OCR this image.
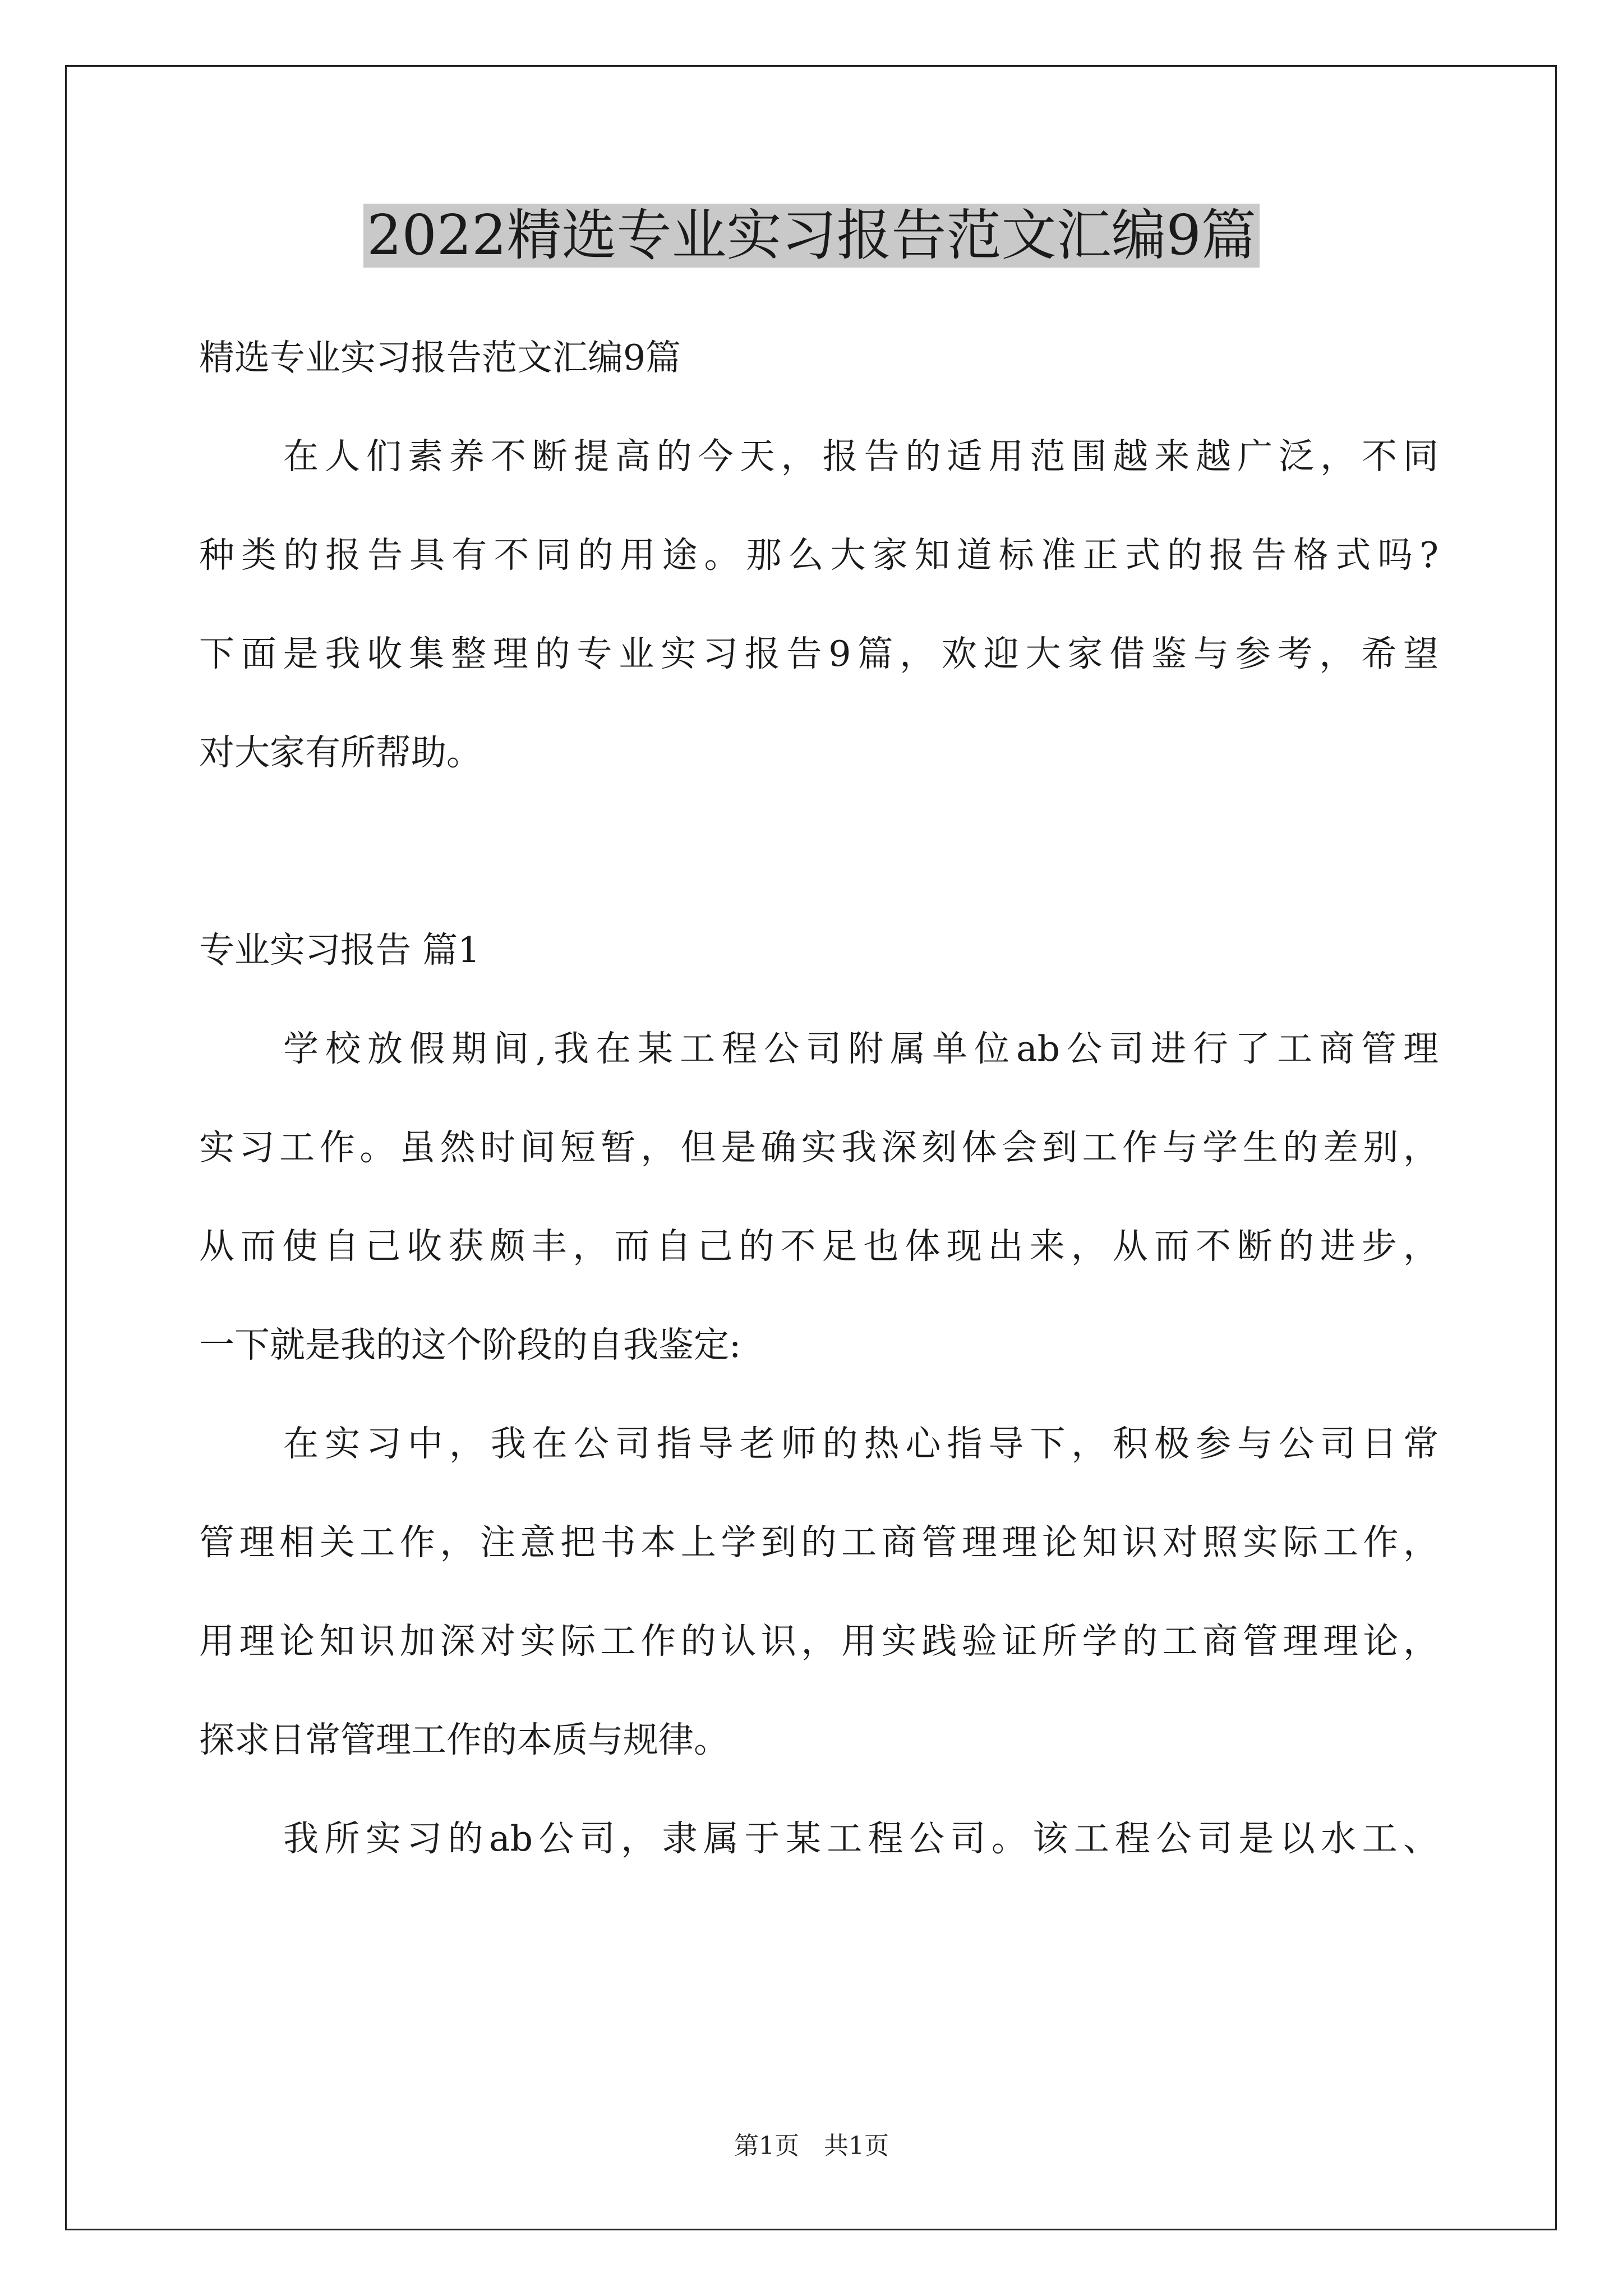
2022精选专业实习报告范文汇编9篇

精选专业实习报告范文汇编9篇

在人们素养不断提高的今天，报告的适用范围越来越广泛，不同

种类的报告具有不同的用途。那么大家知道标准正式的报告格式吗?

下面是我收集整理的专业实习报告9篇，欢迎大家借鉴与参考，希望

对大家有所帮助。

专业实习报告 篇1

学校放假期间,我在某工程公司附属单位ab公司进行了工商管理

实习工作。虽然时间短暂，但是确实我深刻体会到工作与学生的差别，

从而使自己收获颇丰，而自己的不足也体现出来，从而不断的进步，

一下就是我的这个阶段的自我鉴定:

在实习中，我在公司指导老师的热心指导下，积极参与公司日常

管理相关工作，注意把书本上学到的工商管理理论知识对照实际工作，

用理论知识加深对实际工作的认识，用实践验证所学的工商管理理论，

探求日常管理工作的本质与规律。

我所实习的ab公司，隶属于某工程公司。该工程公司是以水工、

第1页　共1页
